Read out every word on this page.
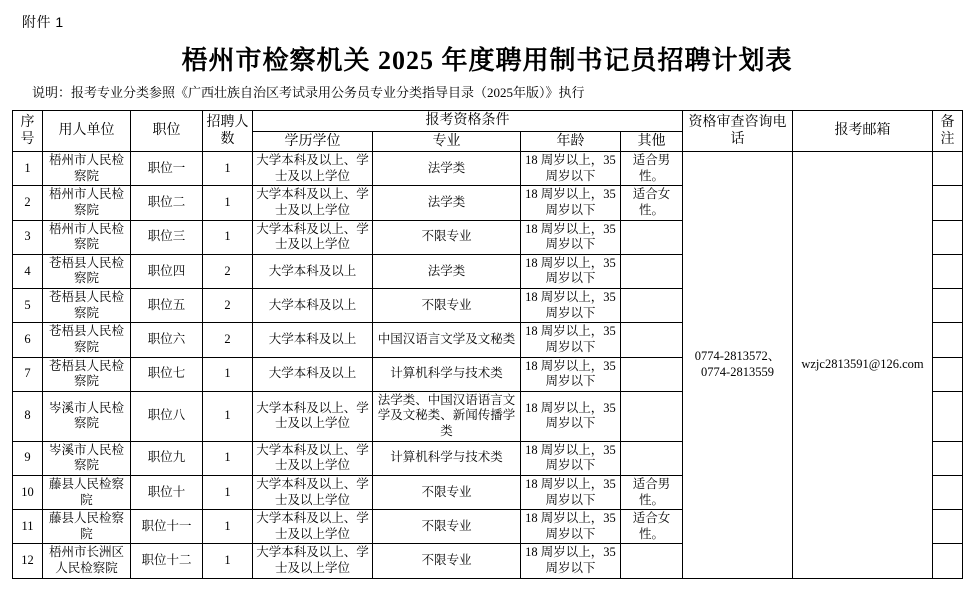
附件 1
梧州市检察机关 2025 年度聘用制书记员招聘计划表
说明：报考专业分类参照《广西壮族自治区考试录用公务员专业分类指导目录（2025年版）》执行
序号	用人单位	职位	招聘人数	报考资格条件				资格审查咨询电话	报考邮箱	备注
				学历学位	专业	年龄	其他			
1	梧州市人民检察院	职位一	1	大学本科及以上、学士及以上学位	法学类	18 周岁以上，35 周岁以下	适合男性。	0774-2813572、0774-2813559	wzjc2813591@126.com	
2	梧州市人民检察院	职位二	1	大学本科及以上、学士及以上学位	法学类	18 周岁以上，35 周岁以下	适合女性。			
3	梧州市人民检察院	职位三	1	大学本科及以上、学士及以上学位	不限专业	18 周岁以上，35 周岁以下				
4	苍梧县人民检察院	职位四	2	大学本科及以上	法学类	18 周岁以上，35 周岁以下				
5	苍梧县人民检察院	职位五	2	大学本科及以上	不限专业	18 周岁以上，35 周岁以下				
6	苍梧县人民检察院	职位六	2	大学本科及以上	中国汉语言文学及文秘类	18 周岁以上，35 周岁以下				
7	苍梧县人民检察院	职位七	1	大学本科及以上	计算机科学与技术类	18 周岁以上，35 周岁以下				
8	岑溪市人民检察院	职位八	1	大学本科及以上、学士及以上学位	法学类、中国汉语语言文学及文秘类、新闻传播学类	18 周岁以上，35 周岁以下				
9	岑溪市人民检察院	职位九	1	大学本科及以上、学士及以上学位	计算机科学与技术类	18 周岁以上，35 周岁以下				
10	藤县人民检察院	职位十	1	大学本科及以上、学士及以上学位	不限专业	18 周岁以上，35 周岁以下	适合男性。			
11	藤县人民检察院	职位十一	1	大学本科及以上、学士及以上学位	不限专业	18 周岁以上，35 周岁以下	适合女性。			
12	梧州市长洲区人民检察院	职位十二	1	大学本科及以上、学士及以上学位	不限专业	18 周岁以上，35 周岁以下				
